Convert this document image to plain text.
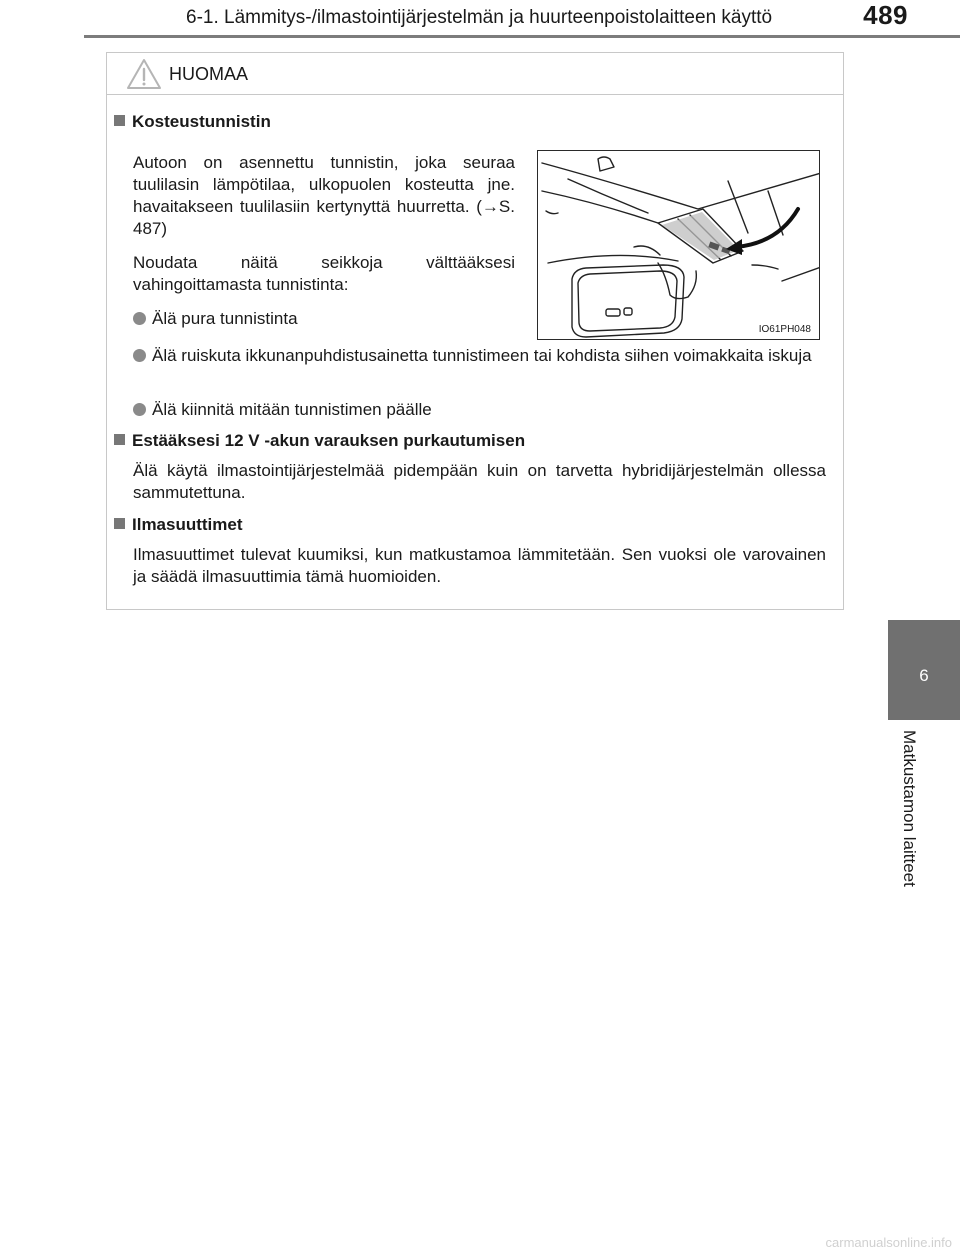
6-1. Lämmitys-/ilmastointijärjestelmän ja huurteenpoistolaitteen käyttö	489
6
Matkustamon laitteet
HUOMAA
Kosteustunnistin
Autoon on asennettu tunnistin, joka seuraa tuulilasin lämpötilaa, ulkopuolen kosteutta jne. havaitakseen tuulilasiin kertynyttä huurretta. (→S. 487)
Noudata näitä seikkoja välttääksesi vahingoittamasta tunnistinta:
Älä pura tunnistinta
Älä ruiskuta ikkunanpuhdistusainetta tunnistimeen tai kohdista siihen voimakkaita iskuja
Älä kiinnitä mitään tunnistimen päälle
IO61PH048
Estääksesi 12 V -akun varauksen purkautumisen
Älä käytä ilmastointijärjestelmää pidempään kuin on tarvetta hybridijärjestelmän ollessa sammutettuna.
Ilmasuuttimet
Ilmasuuttimet tulevat kuumiksi, kun matkustamoa lämmitetään. Sen vuoksi ole varovainen ja säädä ilmasuuttimia tämä huomioiden.
carmanualsonline.info
